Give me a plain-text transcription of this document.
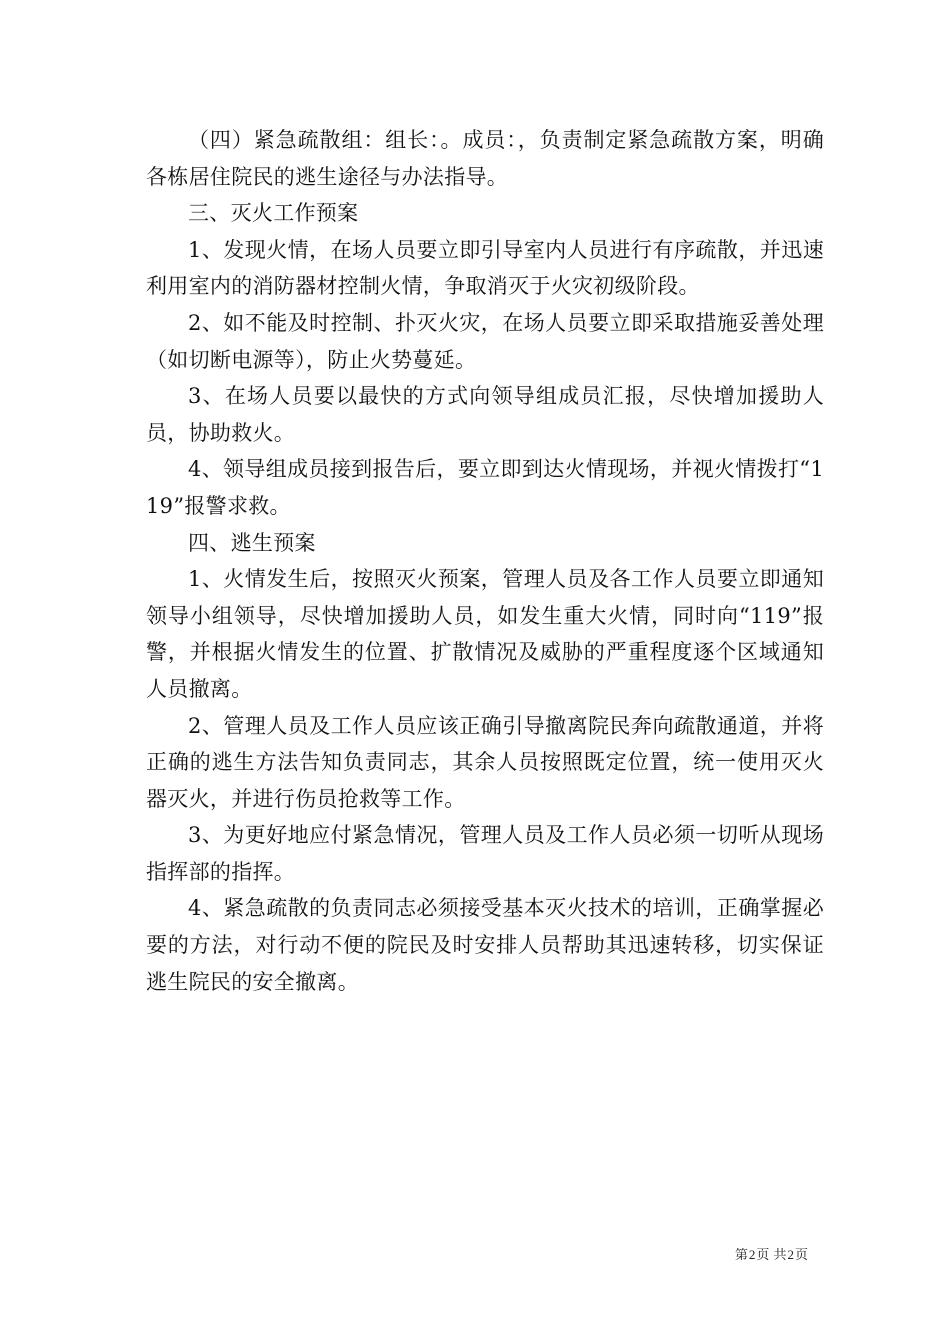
（四）紧急疏散组：组长：。成员：，负责制定紧急疏散方案，明确各栋居住院民的逃生途径与办法指导。

三、灭火工作预案

1、发现火情，在场人员要立即引导室内人员进行有序疏散，并迅速利用室内的消防器材控制火情，争取消灭于火灾初级阶段。

2、如不能及时控制、扑灭火灾，在场人员要立即采取措施妥善处理（如切断电源等），防止火势蔓延。

3、在场人员要以最快的方式向领导组成员汇报，尽快增加援助人员，协助救火。

4、领导组成员接到报告后，要立即到达火情现场，并视火情拨打“119”报警求救。

四、逃生预案

1、火情发生后，按照灭火预案，管理人员及各工作人员要立即通知领导小组领导，尽快增加援助人员，如发生重大火情，同时向“119”报警，并根据火情发生的位置、扩散情况及威胁的严重程度逐个区域通知人员撤离。

2、管理人员及工作人员应该正确引导撤离院民奔向疏散通道，并将正确的逃生方法告知负责同志，其余人员按照既定位置，统一使用灭火器灭火，并进行伤员抢救等工作。

3、为更好地应付紧急情况，管理人员及工作人员必须一切听从现场指挥部的指挥。

4、紧急疏散的负责同志必须接受基本灭火技术的培训，正确掌握必要的方法，对行动不便的院民及时安排人员帮助其迅速转移，切实保证逃生院民的安全撤离。

第2页 共2页
